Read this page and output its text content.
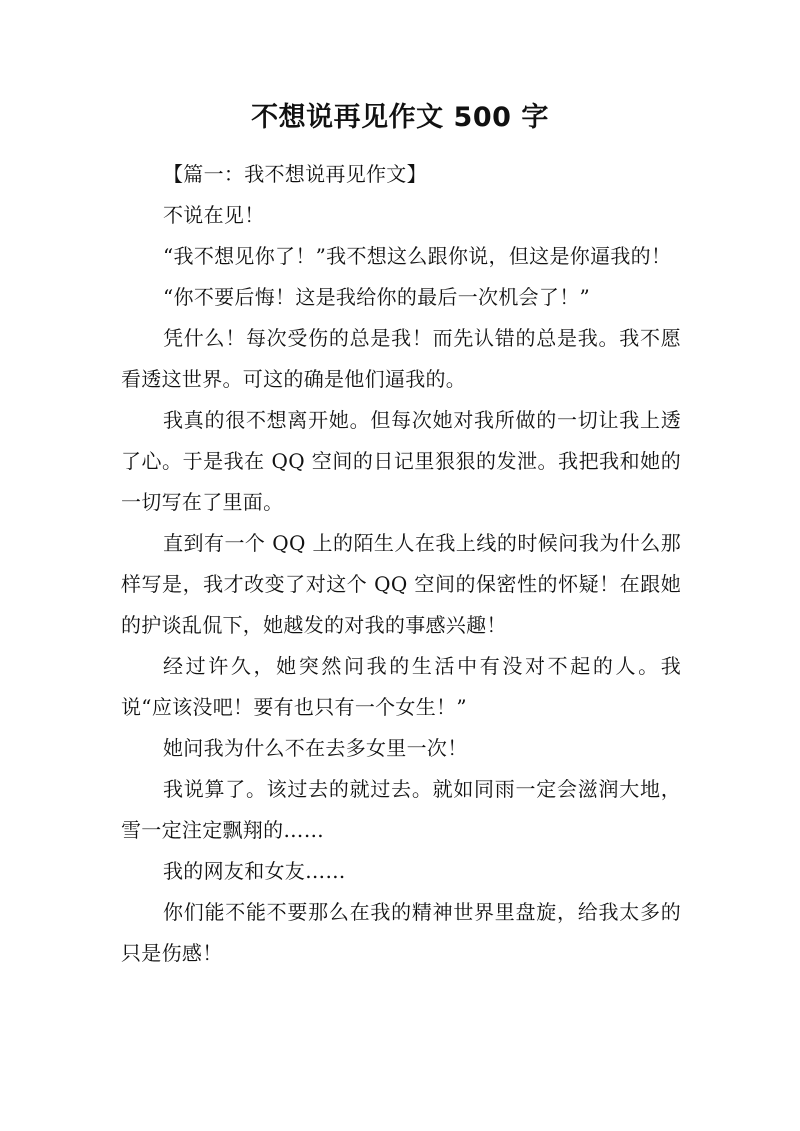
不想说再见作文 500 字

【篇一：我不想说再见作文】

不说在见！

“我不想见你了！”我不想这么跟你说，但这是你逼我的！

“你不要后悔！这是我给你的最后一次机会了！”

凭什么！每次受伤的总是我！而先认错的总是我。我不愿看透这世界。可这的确是他们逼我的。

我真的很不想离开她。但每次她对我所做的一切让我上透了心。于是我在 QQ 空间的日记里狠狠的发泄。我把我和她的一切写在了里面。

直到有一个 QQ 上的陌生人在我上线的时候问我为什么那样写是，我才改变了对这个 QQ 空间的保密性的怀疑！在跟她的护谈乱侃下，她越发的对我的事感兴趣！

经过许久，她突然问我的生活中有没对不起的人。我说“应该没吧！要有也只有一个女生！”

她问我为什么不在去多女里一次！

我说算了。该过去的就过去。就如同雨一定会滋润大地，雪一定注定飘翔的……

我的网友和女友……

你们能不能不要那么在我的精神世界里盘旋，给我太多的只是伤感！
